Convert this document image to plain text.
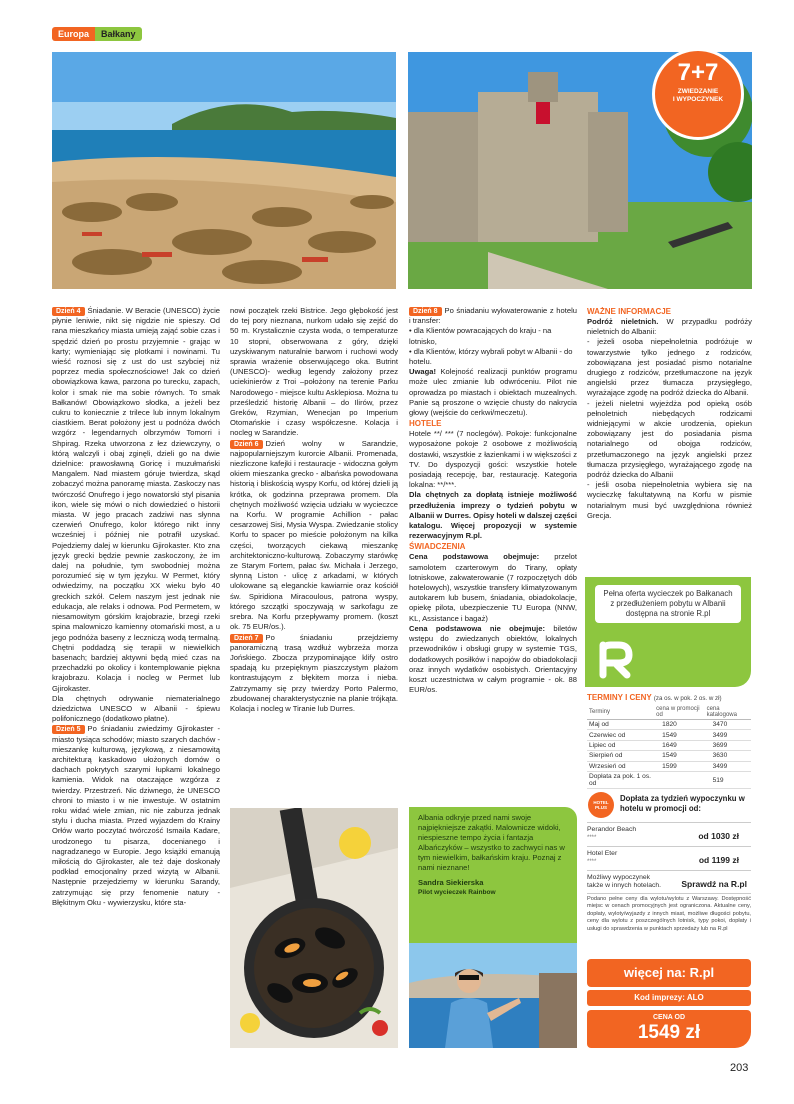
Europa	Bałkany
7+7
ZWIEDZANIE
I WYPOCZYNEK

Dzień 4 Śniadanie. W Beracie (UNESCO) życie płynie leniwie, nikt się nigdzie nie spieszy. Od rana mieszkańcy miasta umieją zająć sobie czas i spędzić dzień po prostu przyjemnie - grając w karty; wymieniając się plotkami i nowinami. Tu wieść roznosi się z ust do ust szybciej niż poprzez media społecznościowe! Jak co dzień obowiązkowa kawa, parzona po turecku, zapach, kolor i smak nie ma sobie równych. To smak Bałkanów! Obowiązkowo słodka, a jeżeli bez cukru to koniecznie z trilece lub innym lokalnym ciastkiem. Berat położony jest u podnóża dwóch wzgórz - legendarnych olbrzymów Tomorri i Shpirag. Rzeka utworzona z łez dziewczyny, o którą walczyli i obaj zginęli, dzieli go na dwie dzielnice: prawosławną Goricę i muzułmański Mangalem. Nad miastem góruje twierdza, skąd zobaczyć można panoramę miasta. Zaskoczy nas twórczość Onufrego i jego nowatorski styl pisania ikon, wiele się mówi o nich dowiedzieć o historii miasta. W jego pracach zadziwi nas słynna czerwień Onufrego, kolor którego nikt inny wcześniej i później nie potrafił uzyskać. Pojedziemy dalej w kierunku Gjirokaster. Kto zna język grecki będzie pewnie zaskoczony, że im dalej na południe, tym swobodniej można porozumieć się w tym języku. W Permet, który odwiedzimy, na początku XX wieku było 40 greckich szkół. Celem naszym jest jednak nie edukacja, ale relaks i odnowa. Pod Permetem, w niesamowitym górskim krajobrazie, brzegi rzeki spina malowniczo kamienny otomański most, a u jego podnóża baseny z leczniczą wodą termalną. Chętni poddadzą się terapii w niewielkich basenach; bardziej aktywni będą mieć czas na przechadzki po okolicy i kontemplowanie piękna krajobrazu. Kolacja i nocleg w Permet lub Gjirokaster.

Dla chętnych odrywanie niematerialnego dziedzictwa UNESCO w Albanii - śpiewu polifonicznego (dodatkowo płatne).

Dzień 5 Po śniadaniu zwiedzimy Gjirokaster - miasto tysiąca schodów; miasto szarych dachów - mieszankę kulturową, językową, z niesamowitą architekturą kaskadowo ułożonych domów o dachach pokrytych szarymi łupkami lokalnego kamienia. Widok na otaczające wzgórza z twierdzy. Przestrzeń. Nic dziwnego, że UNESCO chroni to miasto i w nie inwestuje. W ostatnim roku widać wiele zmian, nic nie zaburza jednak stylu i ducha miasta. Przed wyjazdem do Krainy Orłów warto poczytać twórczość Ismaila Kadare, urodzonego tu pisarza, docenianego i nagradzanego w Europie. Jego książki emanują miłością do Gjirokaster, ale też daje doskonały podkład emocjonalny przed wizytą w Albanii. Następnie przejedziemy w kierunku Sarandy, zatrzymując się przy fenomenie natury - Błękitnym Oku - wywierzysku, które sta-

nowi początek rzeki Bistrice. Jego głębokość jest do tej pory nieznana, nurkom udało się zejść do 50 m. Krystalicznie czysta woda, o temperaturze 10 stopni, obserwowana z góry, dzięki uzyskiwanym naturalnie barwom i ruchowi wody sprawia wrażenie obserwującego oka. Butrint (UNESCO)- według legendy założony przez uciekinierów z Troi –położony na terenie Parku Narodowego - miejsce kultu Asklepiosa. Można tu prześledzić historię Albanii – do Ilirów, przez Greków, Rzymian, Wenecjan po Imperium Otomańskie i czasy współczesne. Kolacja i nocleg w Sarandzie.

Dzień 6 Dzień wolny w Sarandzie, najpopularniejszym kurorcie Albanii. Promenada, niezliczone kafejki i restauracje - widoczna gołym okiem mieszanka grecko - albańska powodowana historią i bliskością wyspy Korfu, od której dzieli ją krótka, ok godzinna przeprawa promem. Dla chętnych możliwość wzięcia udziału w wycieczce na Korfu. W programie Achillion - pałac cesarzowej Sisi, Mysia Wyspa. Zwiedzanie stolicy Korfu to spacer po mieście położonym na kilka części, tworzących ciekawą mieszankę architektoniczno-kulturową. Zobaczymy starówkę ze Starym Fortem, pałac św. Michała i Jerzego, słynną Liston - ulicę z arkadami, w których ulokowane są eleganckie kawiarnie oraz kościół św. Spiridiona Miracoulous, patrona wyspy, którego szczątki spoczywają w sarkofagu ze srebra. Na Korfu przepływamy promem. (koszt ok. 75 EUR/os.).

Dzień 7 Po śniadaniu przejdziemy panoramiczną trasą wzdłuż wybrzeża morza Jońskiego. Zbocza przypominające klify ostro spadają ku przepięknym piaszczystym plażom kontrastującym z błękitem morza i nieba. Zatrzymamy się przy twierdzy Porto Palermo, zbudowanej charakterystycznie na planie trójkąta. Kolacja i nocleg w Tiranie lub Durres.

Dzień 8 Po śniadaniu wykwaterowanie z hotelu i transfer:

• dla Klientów powracających do kraju - na lotnisko,

• dla Klientów, którzy wybrali pobyt w Albanii - do hotelu.

Uwaga! Kolejność realizacji punktów programu może ulec zmianie lub odwróceniu. Pilot nie oprowadza po miastach i obiektach muzealnych. Panie są proszone o wzięcie chusty do nakrycia głowy (wejście do cerkwi/meczetu).

HOTELE

Hotele **/ *** (7 noclegów). Pokoje: funkcjonalne wyposażone pokoje 2 osobowe z możliwością dostawki, wszystkie z łazienkami i w większości z TV. Do dyspozycji gości: wszystkie hotele posiadają recepcję, bar, restaurację. Kategoria lokalna: **/***.

Dla chętnych za dopłatą istnieje możliwość przedłużenia imprezy o tydzień pobytu w Albanii w Durres. Opisy hoteli w dalszej części katalogu. Więcej propozycji w systemie rezerwacyjnym R.pl.

ŚWIADCZENIA

Cena podstawowa obejmuje: przelot samolotem czarterowym do Tirany, opłaty lotniskowe, zakwaterowanie (7 rozpoczętych dób hotelowych), wszystkie transfery klimatyzowanym autokarem lub busem, śniadania, obiadokolacje, opiekę pilota, ubezpieczenie TU Europa (NNW, KL, Assistance i bagaż)

Cena podstawowa nie obejmuje: biletów wstępu do zwiedzanych obiektów, lokalnych przewodników i obsługi grupy w systemie TGS, dodatkowych posiłków i napojów do obiadokolacji oraz innych wydatków osobistych. Orientacyjny koszt uczestnictwa w całym programie - ok. 88 EUR/os.

Albania odkryje przed nami swoje najpiękniejsze zakątki. Malownicze widoki, niespieszne tempo życia i fantazja Albańczyków – wszystko to zachwyci nas w tym niewielkim, bałkańskim kraju. Poznaj z nami nieznane!

Sandra Siekierska

Pilot wycieczek Rainbow

WAŻNE INFORMACJE

Podróż nieletnich. W przypadku podróży nieletnich do Albanii:

- jeżeli osoba niepełnoletnia podróżuje w towarzystwie tylko jednego z rodziców, zobowiązana jest posiadać pismo notarialne drugiego z rodziców, przetłumaczone na język angielski przez tłumacza przysięgłego, wyrażające zgodę na podróż dziecka do Albanii.

- jeżeli nieletni wyjeżdża pod opieką osób pełnoletnich niebędących rodzicami widniejącymi w akcie urodzenia, opiekun zobowiązany jest do posiadania pisma notarialnego od obojga rodziców, przetłumaczonego na język angielski przez tłumacza przysięgłego, wyrażającego zgodę na podróż dziecka do Albanii

- jeśli osoba niepełnoletnia wybiera się na wycieczkę fakultatywną na Korfu w pismie notarialnym musi być uwzględniona również Grecja.

Pełna oferta wycieczek po Bałkanach z przedłużeniem pobytu w Albanii dostępna na stronie R.pl
TERMINY I CENY (za os. w pok. 2 os. w zł)
Terminy	cena w promocji od	cena katalogowa
Maj od	1820	3470
Czerwiec od	1549	3499
Lipiec od	1649	3699
Sierpień od	1549	3630
Wrzesień od	1599	3499
Dopłata za pok. 1 os. od		519
HOTEL
PLUS
Dopłata za tydzień wypoczynku w hotelu w promocji od:
Perandor Beach
****	od 1030 zł
Hotel Eter
****	od 1199 zł
Możliwy wypoczynek także w innych hotelach.	Sprawdź na R.pl
Podano pełne ceny dla wylotu/wylotu z Warszawy. Dostępność miejsc w cenach promocyjnych jest ograniczona. Aktualne ceny, dopłaty, wyloty/wyjazdy z innych miast, możliwe długości pobytu, ceny dla wylotu z poszczególnych lotnisk, typy pokoi, dopłaty i usługi do sprawdzenia w punktach sprzedaży lub na R.pl
więcej na: R.pl
Kod imprezy: ALO
CENA OD
1549 zł
203
